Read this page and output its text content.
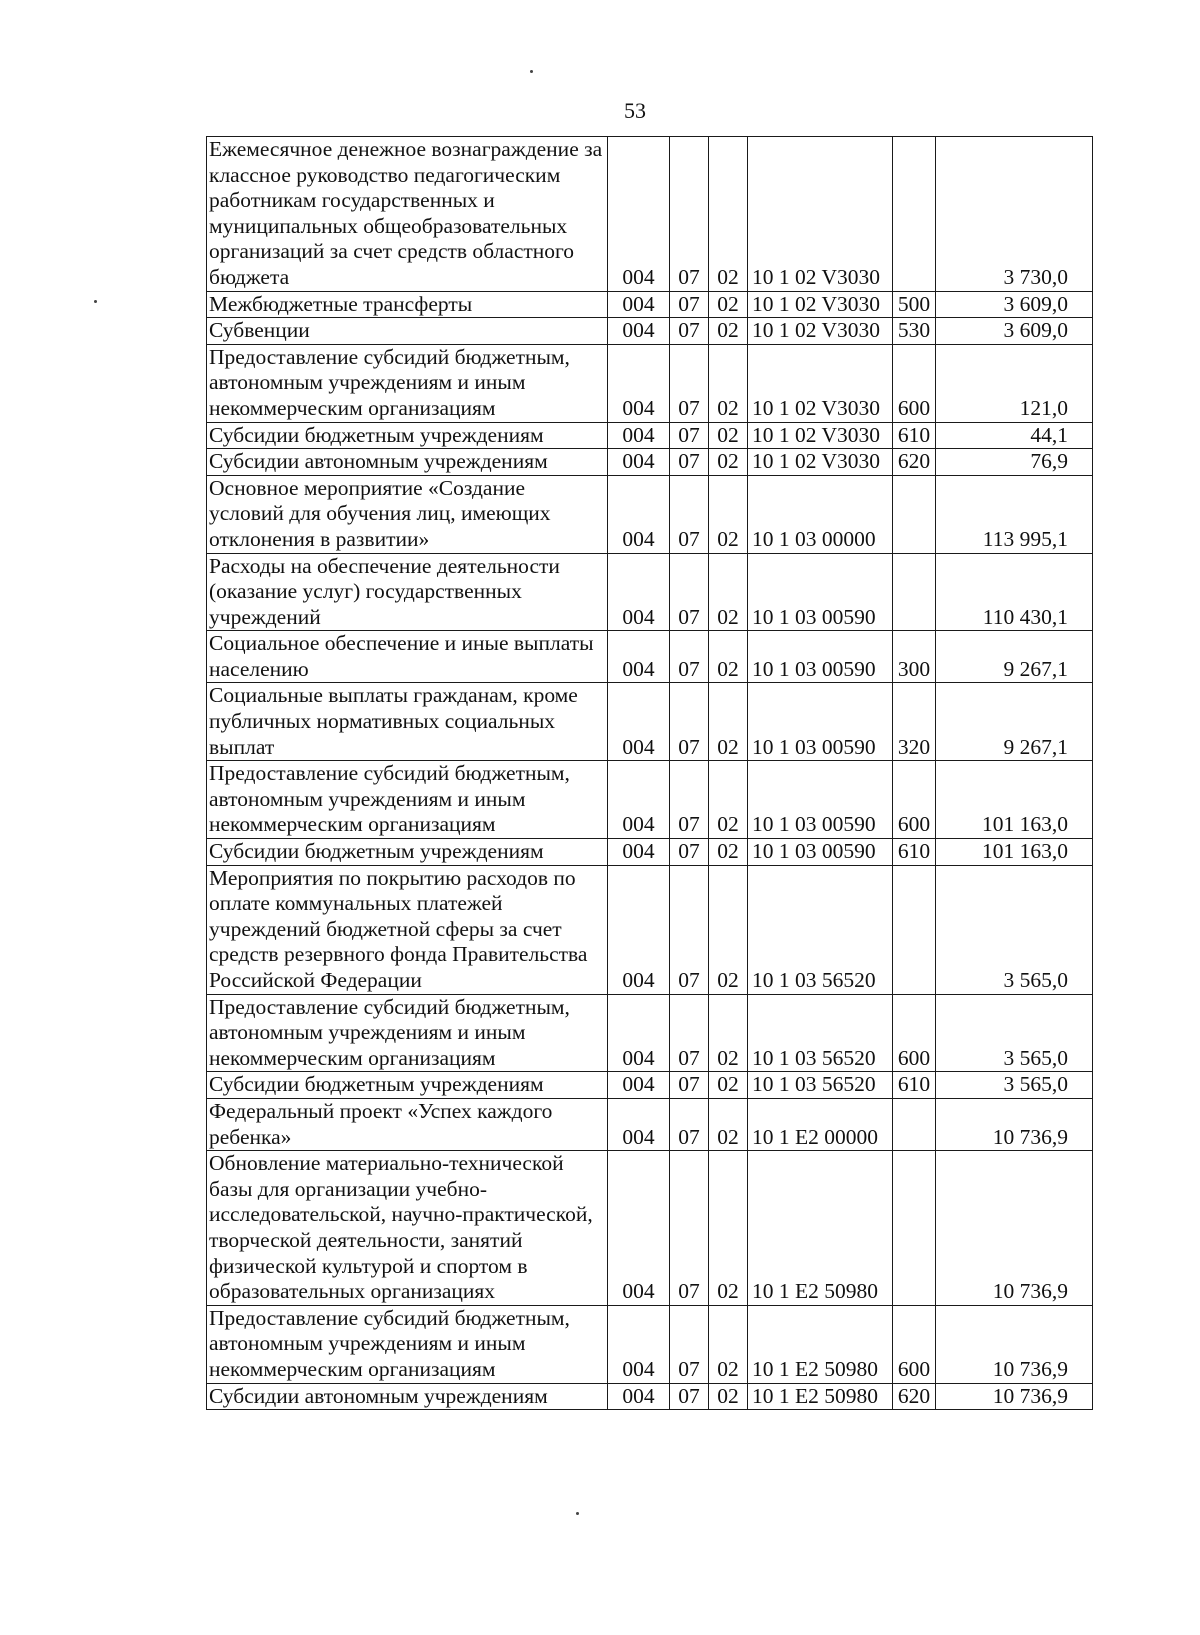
53
Ежемесячное денежное вознаграждение за классное руководство педагогическим работникам государственных и муниципальных общеобразовательных организаций за счет средств областного бюджета	004	07	02	10 1 02 V3030		3 730,0
Межбюджетные трансферты	004	07	02	10 1 02 V3030	500	3 609,0
Субвенции	004	07	02	10 1 02 V3030	530	3 609,0
Предоставление субсидий бюджетным, автономным учреждениям и иным некоммерческим организациям	004	07	02	10 1 02 V3030	600	121,0
Субсидии бюджетным учреждениям	004	07	02	10 1 02 V3030	610	44,1
Субсидии автономным учреждениям	004	07	02	10 1 02 V3030	620	76,9
Основное мероприятие «Создание условий для обучения лиц, имеющих отклонения в развитии»	004	07	02	10 1 03 00000		113 995,1
Расходы на обеспечение деятельности (оказание услуг) государственных учреждений	004	07	02	10 1 03 00590		110 430,1
Социальное обеспечение и иные выплаты населению	004	07	02	10 1 03 00590	300	9 267,1
Социальные выплаты гражданам, кроме публичных нормативных социальных выплат	004	07	02	10 1 03 00590	320	9 267,1
Предоставление субсидий бюджетным, автономным учреждениям и иным некоммерческим организациям	004	07	02	10 1 03 00590	600	101 163,0
Субсидии бюджетным учреждениям	004	07	02	10 1 03 00590	610	101 163,0
Мероприятия по покрытию расходов по оплате коммунальных платежей учреждений бюджетной сферы за счет средств резервного фонда Правительства Российской Федерации	004	07	02	10 1 03 56520		3 565,0
Предоставление субсидий бюджетным, автономным учреждениям и иным некоммерческим организациям	004	07	02	10 1 03 56520	600	3 565,0
Субсидии бюджетным учреждениям	004	07	02	10 1 03 56520	610	3 565,0
Федеральный проект «Успех каждого ребенка»	004	07	02	10 1 E2 00000		10 736,9
Обновление материально-технической базы для организации учебно-исследовательской, научно-практической, творческой деятельности, занятий физической культурой и спортом в образовательных организациях	004	07	02	10 1 E2 50980		10 736,9
Предоставление субсидий бюджетным, автономным учреждениям и иным некоммерческим организациям	004	07	02	10 1 E2 50980	600	10 736,9
Субсидии автономным учреждениям	004	07	02	10 1 E2 50980	620	10 736,9
